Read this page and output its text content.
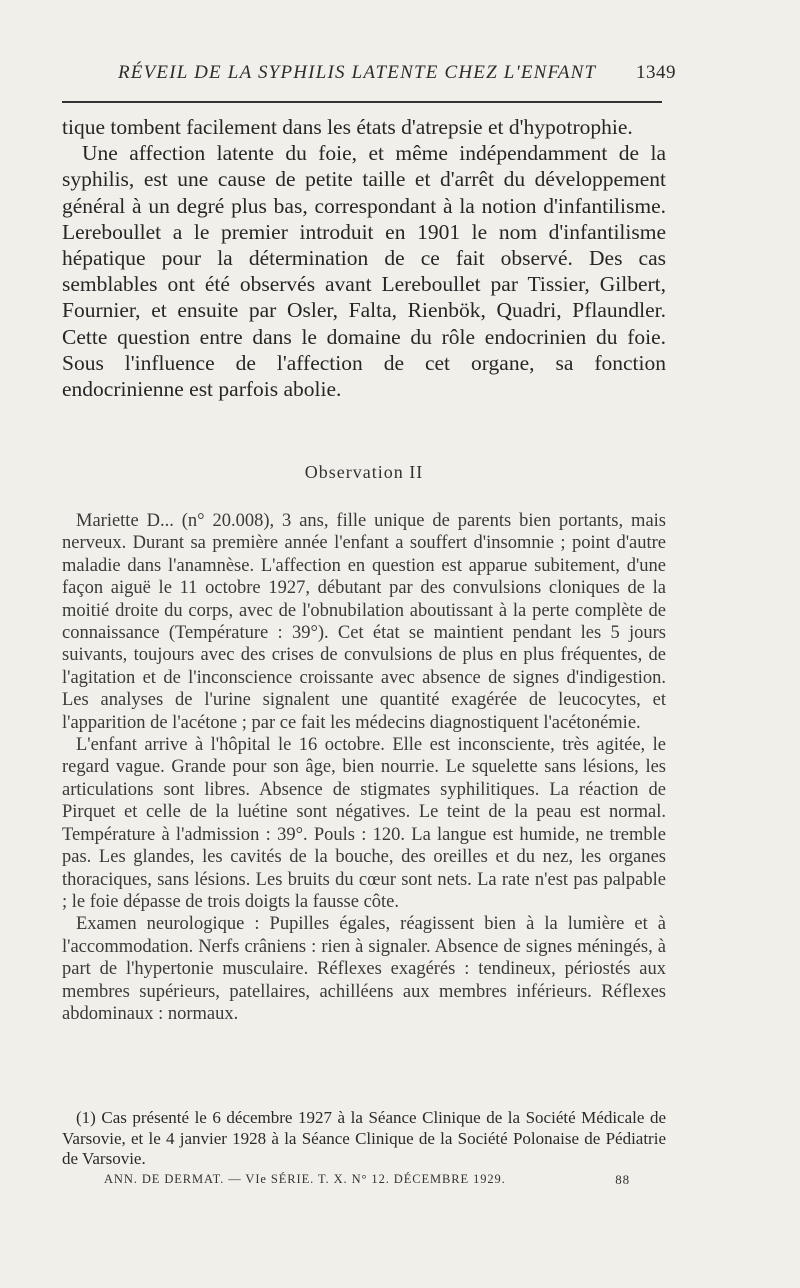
RÉVEIL DE LA SYPHILIS LATENTE CHEZ L'ENFANT 1349

tique tombent facilement dans les états d'atrepsie et d'hypotrophie.

Une affection latente du foie, et même indépendamment de la syphilis, est une cause de petite taille et d'arrêt du développement général à un degré plus bas, correspondant à la notion d'infantilisme. Lereboullet a le premier introduit en 1901 le nom d'infantilisme hépatique pour la détermination de ce fait observé. Des cas semblables ont été observés avant Lereboullet par Tissier, Gilbert, Fournier, et ensuite par Osler, Falta, Rienbök, Quadri, Pflaundler. Cette question entre dans le domaine du rôle endocrinien du foie. Sous l'influence de l'affection de cet organe, sa fonction endocrinienne est parfois abolie.

Observation II

Mariette D... (n° 20.008), 3 ans, fille unique de parents bien portants, mais nerveux. Durant sa première année l'enfant a souffert d'insomnie ; point d'autre maladie dans l'anamnèse. L'affection en question est apparue subitement, d'une façon aiguë le 11 octobre 1927, débutant par des convulsions cloniques de la moitié droite du corps, avec de l'obnubilation aboutissant à la perte complète de connaissance (Température : 39°). Cet état se maintient pendant les 5 jours suivants, toujours avec des crises de convulsions de plus en plus fréquentes, de l'agitation et de l'inconscience croissante avec absence de signes d'indigestion. Les analyses de l'urine signalent une quantité exagérée de leucocytes, et l'apparition de l'acétone ; par ce fait les médecins diagnostiquent l'acétonémie.

L'enfant arrive à l'hôpital le 16 octobre. Elle est inconsciente, très agitée, le regard vague. Grande pour son âge, bien nourrie. Le squelette sans lésions, les articulations sont libres. Absence de stigmates syphilitiques. La réaction de Pirquet et celle de la luétine sont négatives. Le teint de la peau est normal. Température à l'admission : 39°. Pouls : 120. La langue est humide, ne tremble pas. Les glandes, les cavités de la bouche, des oreilles et du nez, les organes thoraciques, sans lésions. Les bruits du cœur sont nets. La rate n'est pas palpable ; le foie dépasse de trois doigts la fausse côte.

Examen neurologique : Pupilles égales, réagissent bien à la lumière et à l'accommodation. Nerfs crâniens : rien à signaler. Absence de signes méningés, à part de l'hypertonie musculaire. Réflexes exagérés : tendineux, périostés aux membres supérieurs, patellaires, achilléens aux membres inférieurs. Réflexes abdominaux : normaux.

(1) Cas présenté le 6 décembre 1927 à la Séance Clinique de la Société Médicale de Varsovie, et le 4 janvier 1928 à la Séance Clinique de la Société Polonaise de Pédiatrie de Varsovie.

ANN. DE DERMAT. — VIe SÉRIE. T. X. N° 12. DÉCEMBRE 1929.	88
